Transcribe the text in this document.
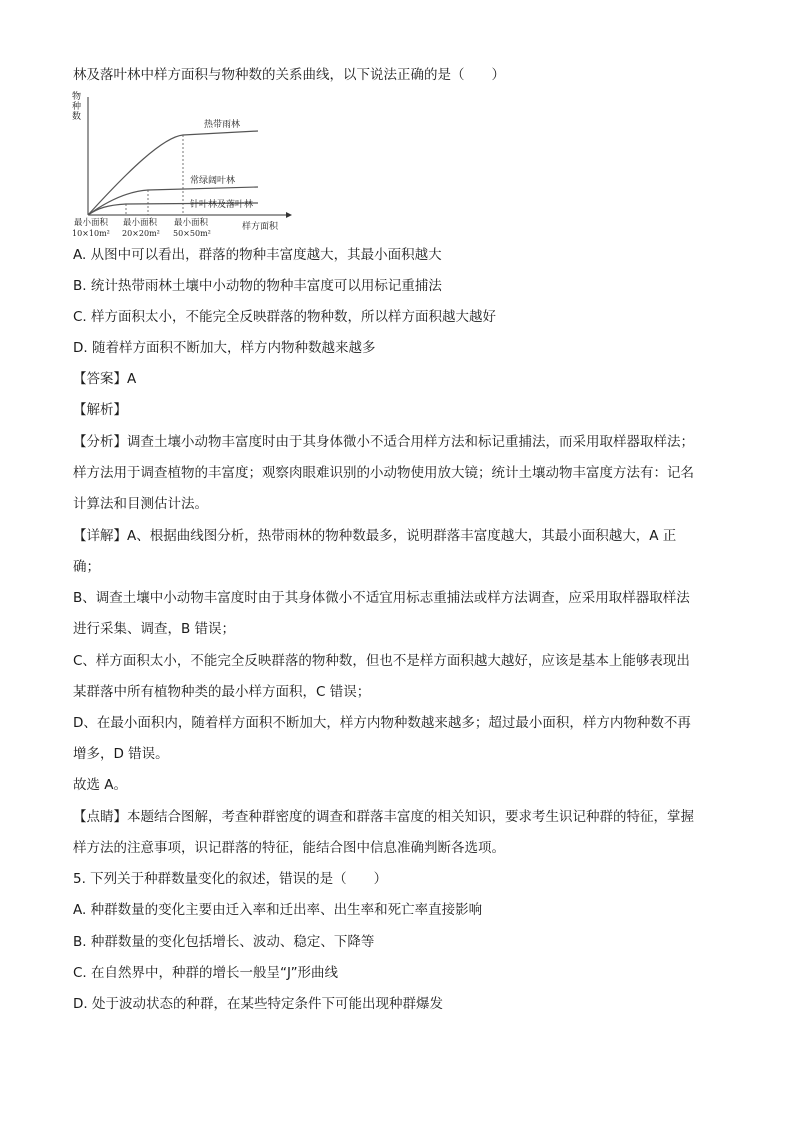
林及落叶林中样方面积与物种数的关系曲线，以下说法正确的是（　　）
物
种
数
热带雨林
常绿阔叶林
针叶林及落叶林
样方面积
最小面积 最小面积 最小面积
10×10m² 20×20m² 50×50m²
A. 从图中可以看出，群落的物种丰富度越大，其最小面积越大
B. 统计热带雨林土壤中小动物的物种丰富度可以用标记重捕法
C. 样方面积太小，不能完全反映群落的物种数，所以样方面积越大越好
D. 随着样方面积不断加大，样方内物种数越来越多
【答案】A
【解析】
【分析】调查土壤小动物丰富度时由于其身体微小不适合用样方法和标记重捕法，而采用取样器取样法；
样方法用于调查植物的丰富度；观察肉眼难识别的小动物使用放大镜；统计土壤动物丰富度方法有：记名
计算法和目测估计法。
【详解】A、根据曲线图分析，热带雨林的物种数最多，说明群落丰富度越大，其最小面积越大，A 正
确；
B、调查土壤中小动物丰富度时由于其身体微小不适宜用标志重捕法或样方法调查，应采用取样器取样法
进行采集、调查，B 错误；
C、样方面积太小，不能完全反映群落的物种数，但也不是样方面积越大越好，应该是基本上能够表现出
某群落中所有植物种类的最小样方面积，C 错误；
D、在最小面积内，随着样方面积不断加大，样方内物种数越来越多；超过最小面积，样方内物种数不再
增多，D 错误。
故选 A。
【点睛】本题结合图解，考查种群密度的调查和群落丰富度的相关知识，要求考生识记种群的特征，掌握
样方法的注意事项，识记群落的特征，能结合图中信息准确判断各选项。
5. 下列关于种群数量变化的叙述，错误的是（　　）
A. 种群数量的变化主要由迁入率和迁出率、出生率和死亡率直接影响
B. 种群数量的变化包括增长、波动、稳定、下降等
C. 在自然界中，种群的增长一般呈“J”形曲线
D. 处于波动状态的种群，在某些特定条件下可能出现种群爆发
